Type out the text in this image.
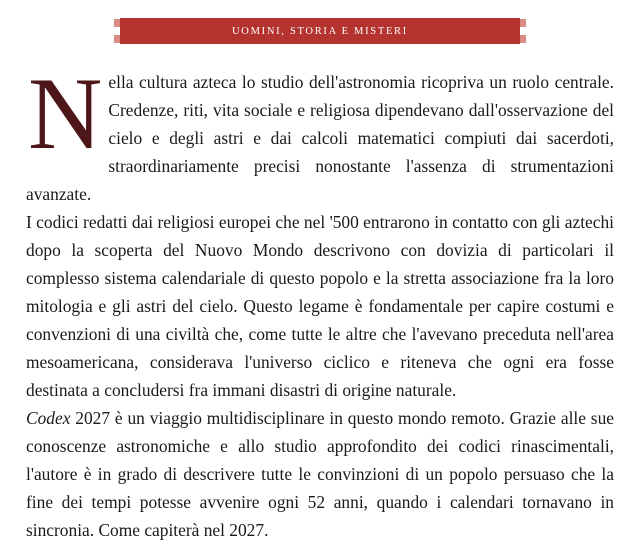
UOMINI, STORIA E MISTERI

Nella cultura azteca lo studio dell'astronomia ricopriva un ruolo centrale. Credenze, riti, vita sociale e religiosa dipendevano dall'osservazione del cielo e degli astri e dai calcoli matematici compiuti dai sacerdoti, straordinariamente precisi nonostante l'assenza di strumentazioni avanzate.

I codici redatti dai religiosi europei che nel '500 entrarono in contatto con gli aztechi dopo la scoperta del Nuovo Mondo descrivono con dovizia di particolari il complesso sistema calendariale di questo popolo e la stretta associazione fra la loro mitologia e gli astri del cielo. Questo legame è fondamentale per capire costumi e convenzioni di una civiltà che, come tutte le altre che l'avevano preceduta nell'area mesoamericana, considerava l'universo ciclico e riteneva che ogni era fosse destinata a concludersi fra immani disastri di origine naturale.

Codex 2027 è un viaggio multidisciplinare in questo mondo remoto. Grazie alle sue conoscenze astronomiche e allo studio approfondito dei codici rinascimentali, l'autore è in grado di descrivere tutte le convinzioni di un popolo persuaso che la fine dei tempi potesse avvenire ogni 52 anni, quando i calendari tornavano in sincronia. Come capiterà nel 2027.
